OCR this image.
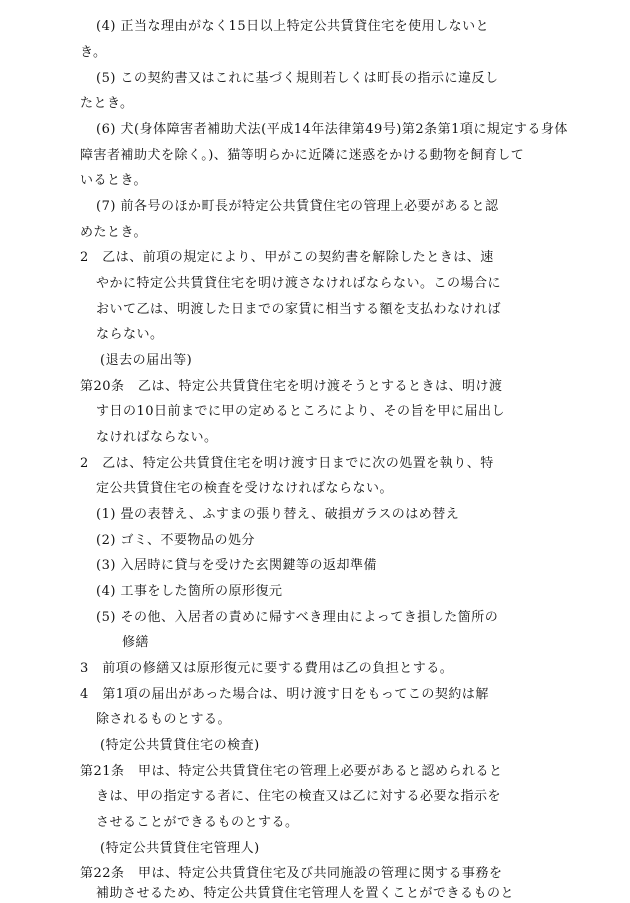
(4) 正当な理由がなく15日以上特定公共賃貸住宅を使用しないと
き。
(5) この契約書又はこれに基づく規則若しくは町長の指示に違反し
たとき。
(6) 犬(身体障害者補助犬法(平成14年法律第49号)第2条第1項に規定する身体
障害者補助犬を除く。)、猫等明らかに近隣に迷惑をかける動物を飼育して
いるとき。
(7) 前各号のほか町長が特定公共賃貸住宅の管理上必要があると認
めたとき。
2　乙は、前項の規定により、甲がこの契約書を解除したときは、速
やかに特定公共賃貸住宅を明け渡さなければならない。この場合に
おいて乙は、明渡した日までの家賃に相当する額を支払わなければ
ならない。
(退去の届出等)
第20条　乙は、特定公共賃貸住宅を明け渡そうとするときは、明け渡
す日の10日前までに甲の定めるところにより、その旨を甲に届出し
なければならない。
2　乙は、特定公共賃貸住宅を明け渡す日までに次の処置を執り、特
定公共賃貸住宅の検査を受けなければならない。
(1) 畳の表替え、ふすまの張り替え、破損ガラスのはめ替え
(2) ゴミ、不要物品の処分
(3) 入居時に貸与を受けた玄関鍵等の返却準備
(4) 工事をした箇所の原形復元
(5) その他、入居者の責めに帰すべき理由によってき損した箇所の
修繕
3　前項の修繕又は原形復元に要する費用は乙の負担とする。
4　第1項の届出があった場合は、明け渡す日をもってこの契約は解
除されるものとする。
(特定公共賃貸住宅の検査)
第21条　甲は、特定公共賃貸住宅の管理上必要があると認められると
きは、甲の指定する者に、住宅の検査又は乙に対する必要な指示を
させることができるものとする。
(特定公共賃貸住宅管理人)
第22条　甲は、特定公共賃貸住宅及び共同施設の管理に関する事務を
補助させるため、特定公共賃貸住宅管理人を置くことができるものと
